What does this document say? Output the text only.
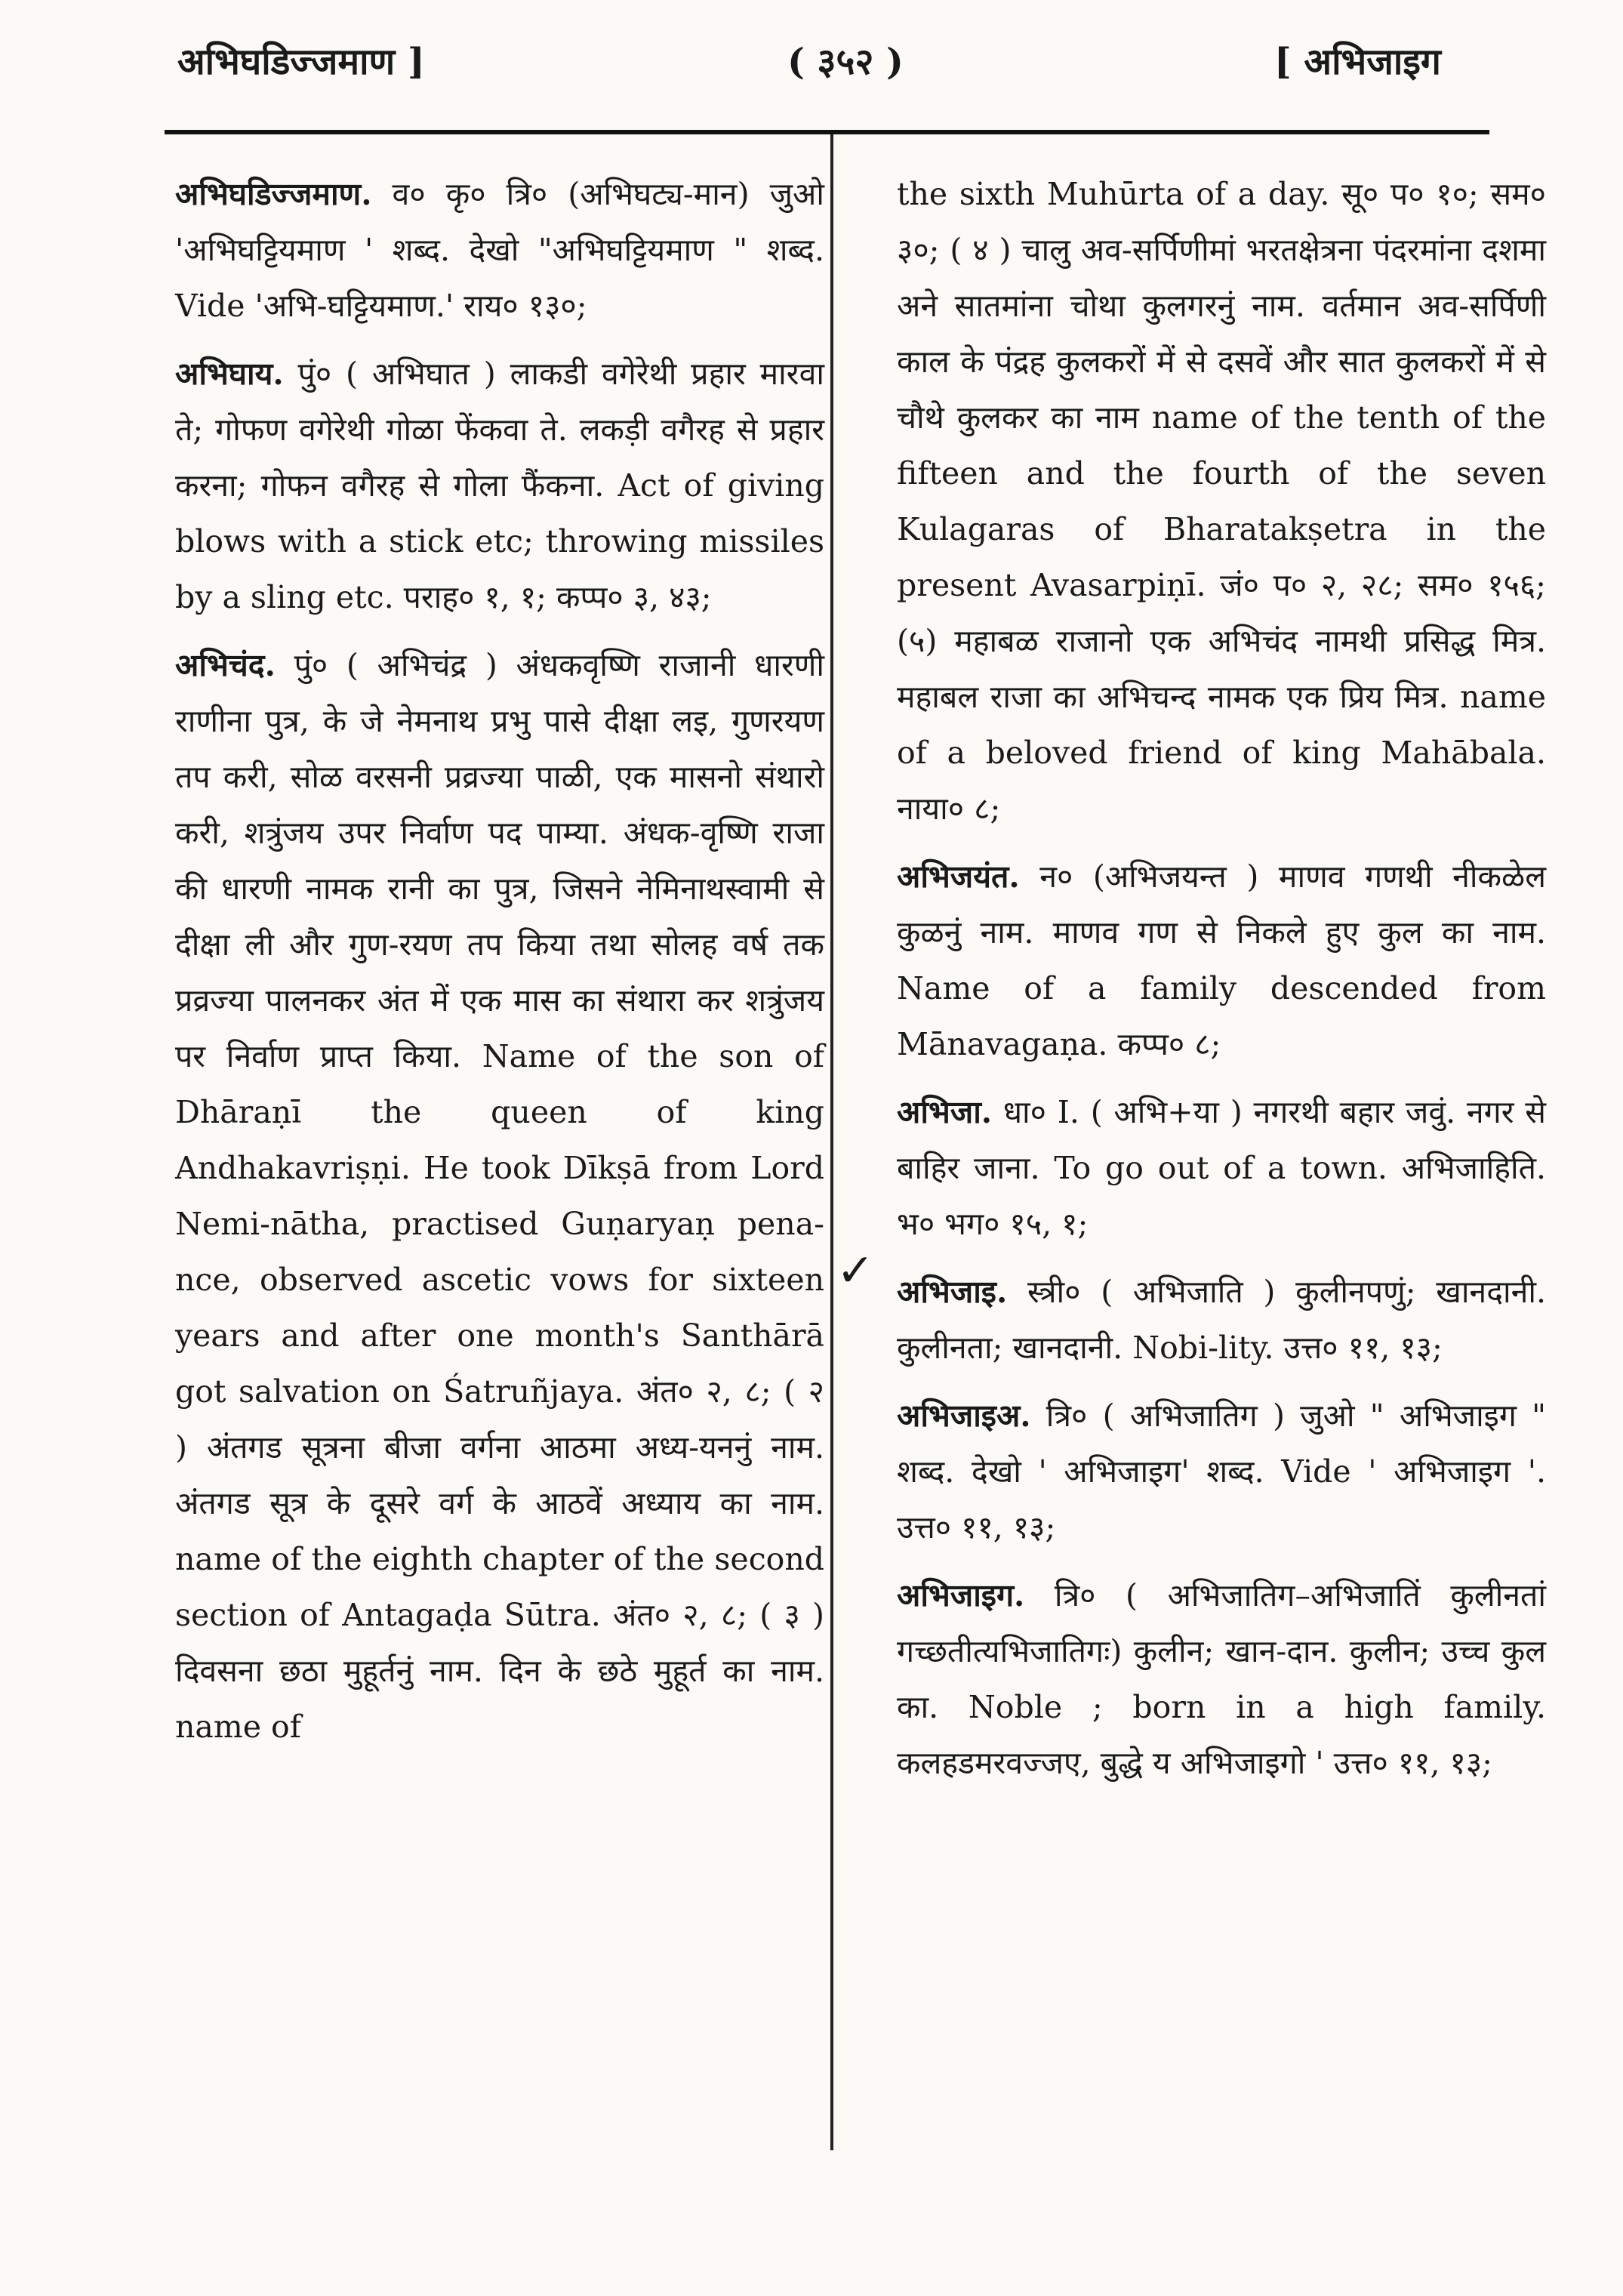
अभिघडिज्जमाण ]	( ३५२ )	[ अभिजाइग

अभिघडिज्जमाण. व० कृ० त्रि० (अभिघट्य-मान) जुओ 'अभिघट्टियमाण ' शब्द. देखो "अभिघट्टियमाण " शब्द. Vide 'अभि-घट्टियमाण.' राय० १३०;

अभिघाय. पुं० ( अभिघात ) लाकडी वगेरेथी प्रहार मारवा ते; गोफण वगेरेथी गोळा फेंकवा ते. लकड़ी वगैरह से प्रहार करना; गोफन वगैरह से गोला फैंकना. Act of giving blows with a stick etc; throwing missiles by a sling etc. पराह० १, १; कप्प० ३, ४३;

अभिचंद. पुं० ( अभिचंद्र ) अंधकवृष्णि राजानी धारणी राणीना पुत्र, के जे नेमनाथ प्रभु पासे दीक्षा लइ, गुणरयण तप करी, सोळ वरसनी प्रव्रज्या पाळी, एक मासनो संथारो करी, शत्रुंजय उपर निर्वाण पद पाम्या. अंधक-वृष्णि राजा की धारणी नामक रानी का पुत्र, जिसने नेमिनाथस्वामी से दीक्षा ली और गुण-रयण तप किया तथा सोलह वर्ष तक प्रव्रज्या पालनकर अंत में एक मास का संथारा कर शत्रुंजय पर निर्वाण प्राप्त किया. Name of the son of Dhāraṇī the queen of king Andhakavriṣṇi. He took Dīkṣā from Lord Nemi-nātha, practised Guṇaryaṇ pena-nce, observed ascetic vows for sixteen years and after one month's Santhārā got salvation on Śatruñjaya. अंत० २, ८; ( २ ) अंतगड सूत्रना बीजा वर्गना आठमा अध्य-यननुं नाम. अंतगड सूत्र के दूसरे वर्ग के आठवें अध्याय का नाम. name of the eighth chapter of the second section of Antagaḍa Sūtra. अंत० २, ८; ( ३ ) दिवसना छठा मुहूर्तनुं नाम. दिन के छठे मुहूर्त का नाम. name of

✓

the sixth Muhūrta of a day. सू० प० १०; सम० ३०; ( ४ ) चालु अव-सर्पिणीमां भरतक्षेत्रना पंदरमांना दशमा अने सातमांना चोथा कुलगरनुं नाम. वर्तमान अव-सर्पिणी काल के पंद्रह कुलकरों में से दसवें और सात कुलकरों में से चौथे कुलकर का नाम name of the tenth of the fifteen and the fourth of the seven Kulagaras of Bharatakṣetra in the present Avasarpiṇī. जं० प० २, २८; सम० १५६; (५) महाबळ राजानो एक अभिचंद नामथी प्रसिद्ध मित्र. महाबल राजा का अभिचन्द नामक एक प्रिय मित्र. name of a beloved friend of king Mahābala. नाया० ८;

अभिजयंत. न० (अभिजयन्त ) माणव गणथी नीकळेल कुळनुं नाम. माणव गण से निकले हुए कुल का नाम. Name of a family descended from Mānavagaṇa. कप्प० ८;

अभिजा. धा० I. ( अभि+या ) नगरथी बहार जवुं. नगर से बाहिर जाना. To go out of a town. अभिजाहिति. भ० भग० १५, १;

अभिजाइ. स्त्री० ( अभिजाति ) कुलीनपणुं; खानदानी. कुलीनता; खानदानी. Nobi-lity. उत्त० ११, १३;

अभिजाइअ. त्रि० ( अभिजातिग ) जुओ " अभिजाइग " शब्द. देखो ' अभिजाइग' शब्द. Vide ' अभिजाइग '. उत्त० ११, १३;

अभिजाइग. त्रि० ( अभिजातिग–अभिजातिं कुलीनतां गच्छतीत्यभिजातिगः) कुलीन; खान-दान. कुलीन; उच्च कुल का. Noble ; born in a high family. कलहडमरवज्जए, बुद्धे य अभिजाइगो ' उत्त० ११, १३;
